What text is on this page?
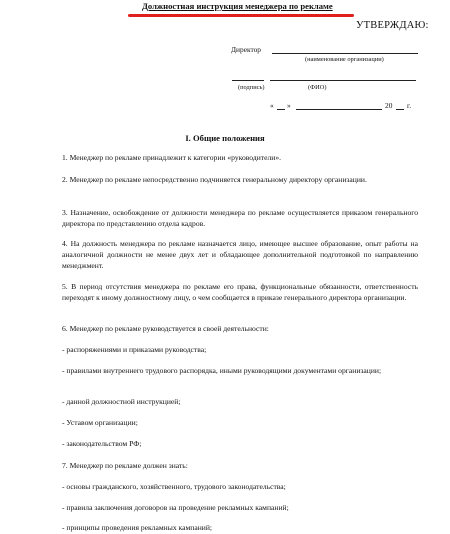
Должностная инструкция менеджера по рекламе
УТВЕРЖДАЮ:
Директор
(наименование организации)
(подпись)	(ФИО)
« »	20 г.
I. Общие положения
1. Менеджер по рекламе принадлежит к категории «руководители».
2. Менеджер по рекламе непосредственно подчиняется генеральному директору организации.
3. Назначение, освобождение от должности менеджера по рекламе осуществляется приказом генерального директора по представлению отдела кадров.
4. На должность менеджера по рекламе назначается лицо, имеющее высшее образование, опыт работы на аналогичной должности не менее двух лет и обладающее дополнительной подготовкой по направлению менеджмент.
5. В период отсутствия менеджера по рекламе его права, функциональные обязанности, ответственность переходят к иному должностному лицу, о чем сообщается в приказе генерального директора организации.
6. Менеджер по рекламе руководствуется в своей деятельности:
- распоряжениями и приказами руководства;
- правилами внутреннего трудового распорядка, иными руководящими документами организации;
- данной должностной инструкцией;
- Уставом организации;
- законодательством РФ;
7. Менеджер по рекламе должен знать:
- основы гражданского, хозяйственного, трудового законодательства;
- правила заключения договоров на проведение рекламных кампаний;
- принципы проведения рекламных кампаний;
